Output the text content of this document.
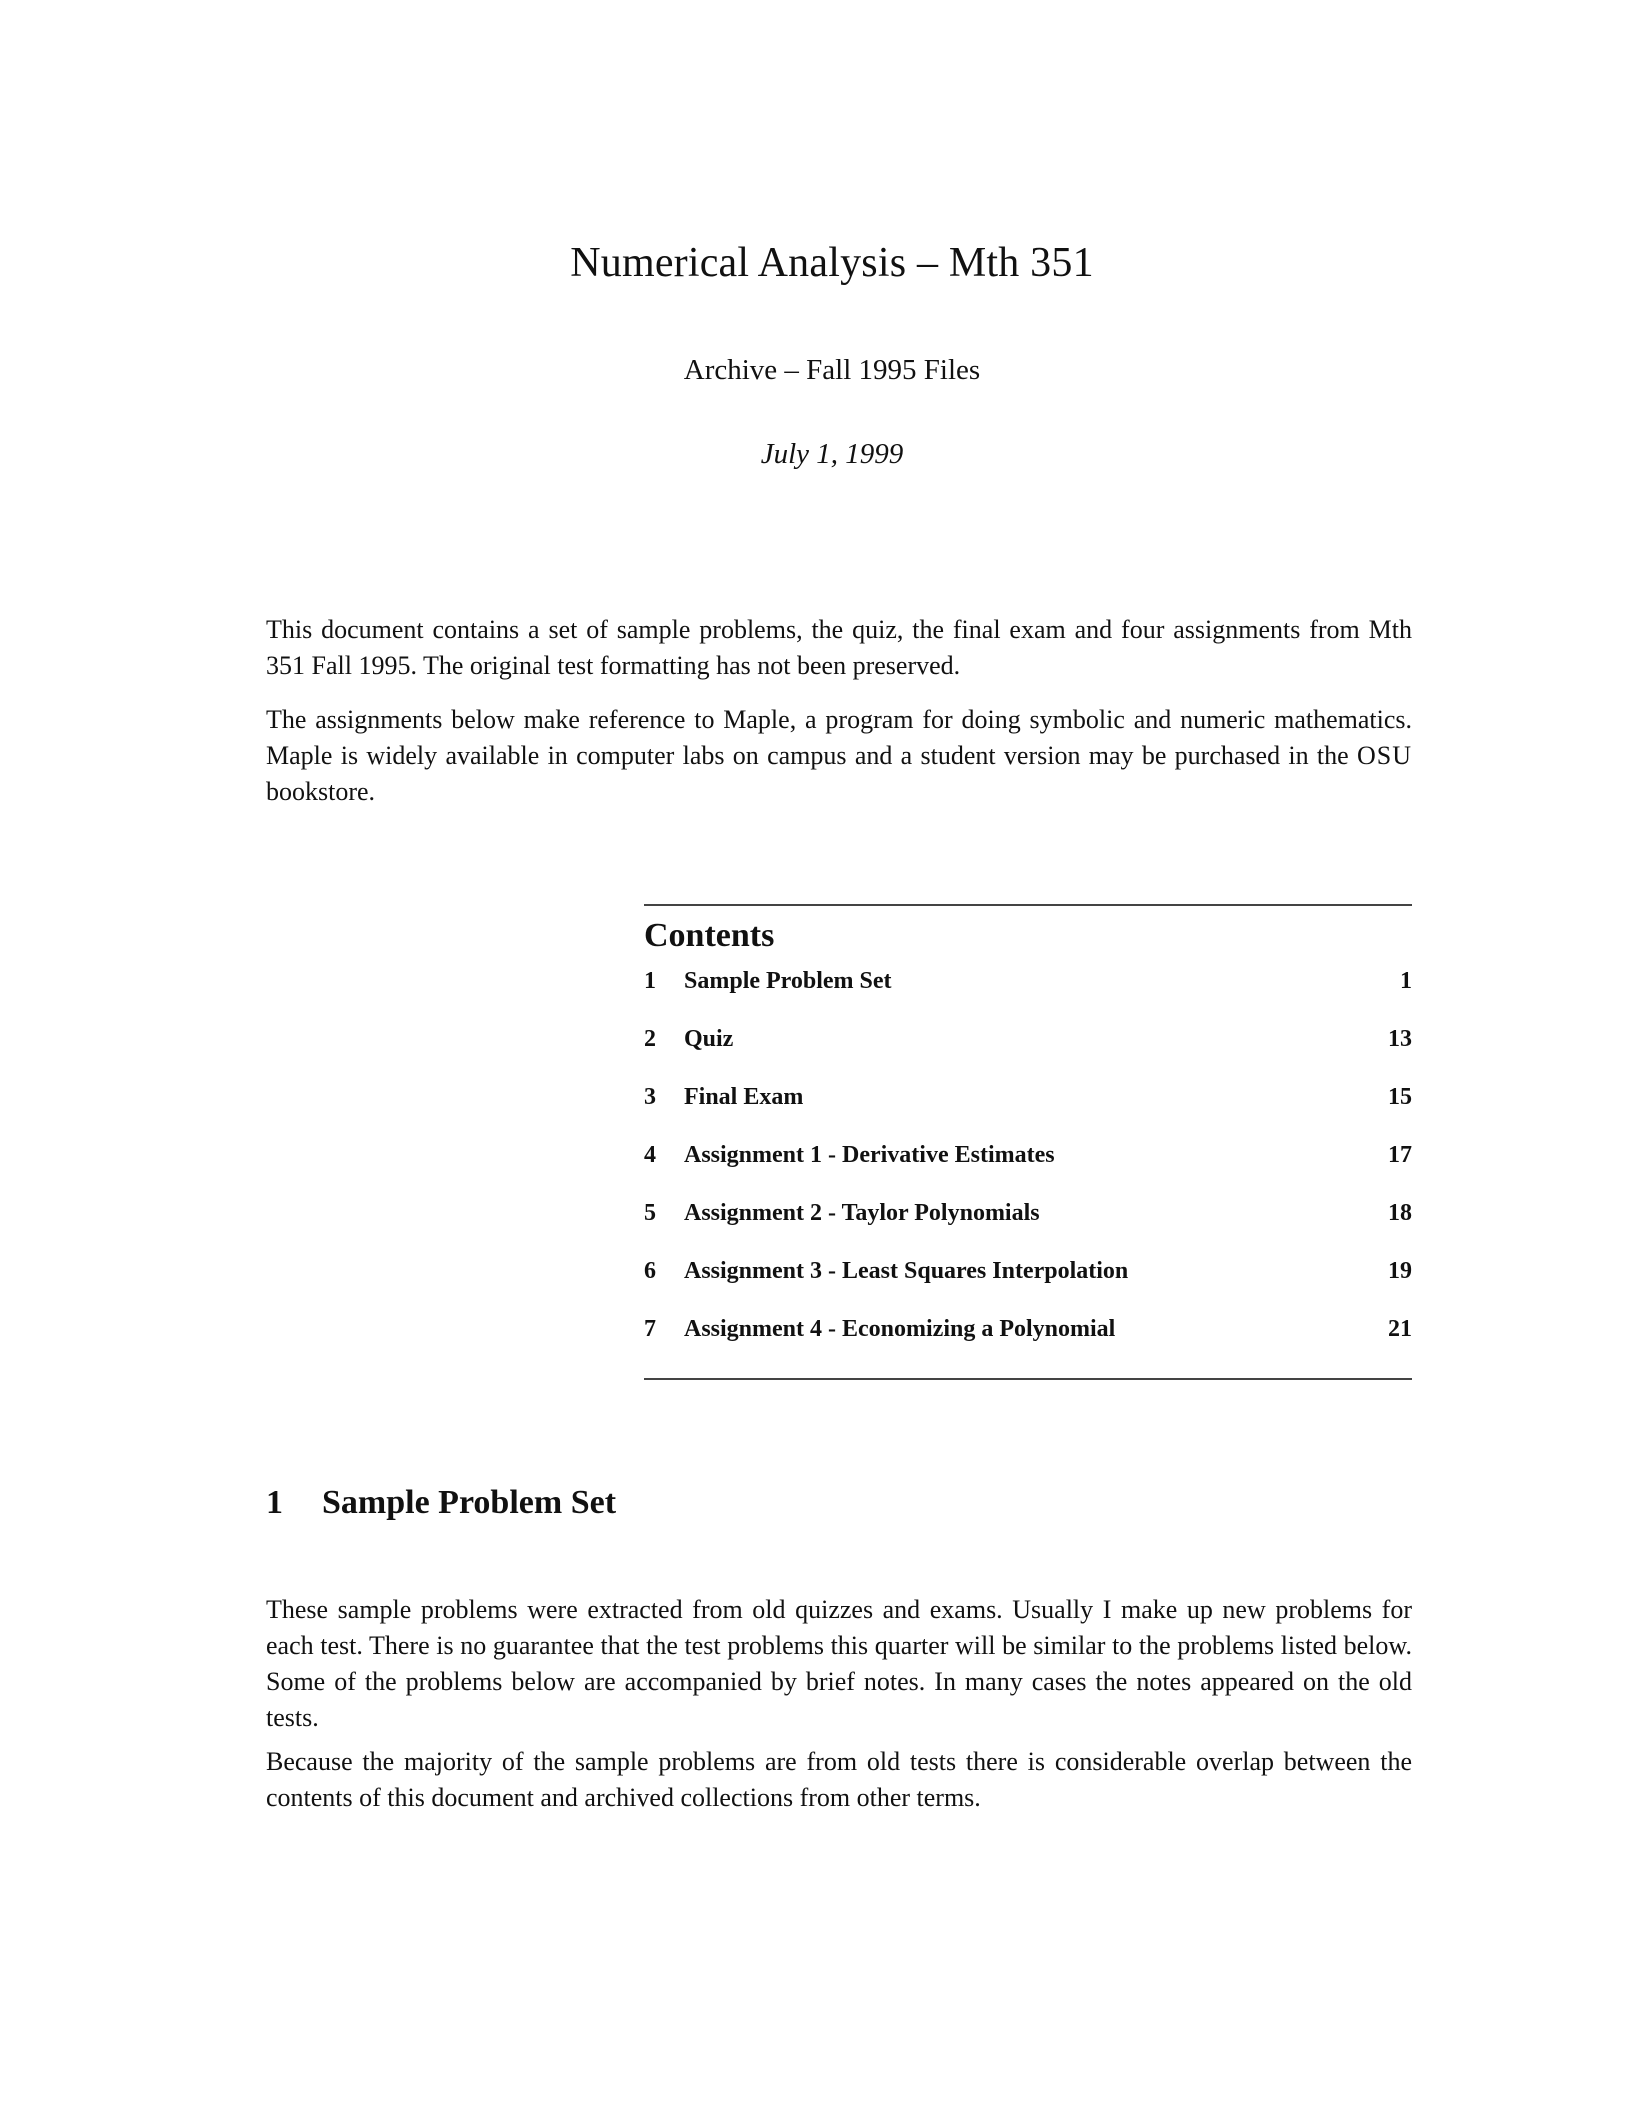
Numerical Analysis – Mth 351
Archive – Fall 1995 Files
July 1, 1999

This document contains a set of sample problems, the quiz, the final exam and four assignments from Mth 351 Fall 1995. The original test formatting has not been preserved.

The assignments below make reference to Maple, a program for doing symbolic and numeric mathematics. Maple is widely available in computer labs on campus and a student version may be purchased in the OSU bookstore.

Contents
1	Sample Problem Set	1
2	Quiz	13
3	Final Exam	15
4	Assignment 1 - Derivative Estimates	17
5	Assignment 2 - Taylor Polynomials	18
6	Assignment 3 - Least Squares Interpolation	19
7	Assignment 4 - Economizing a Polynomial	21
1 Sample Problem Set

These sample problems were extracted from old quizzes and exams. Usually I make up new problems for each test. There is no guarantee that the test problems this quarter will be similar to the problems listed below. Some of the problems below are accompanied by brief notes. In many cases the notes appeared on the old tests.

Because the majority of the sample problems are from old tests there is considerable overlap between the contents of this document and archived collections from other terms.
